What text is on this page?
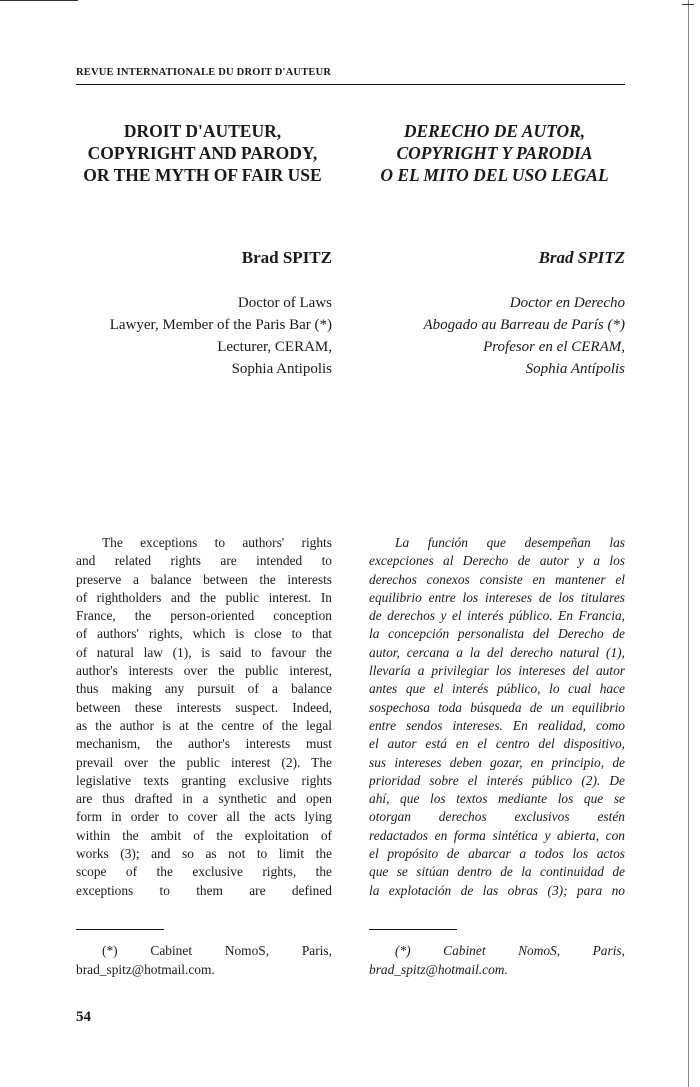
REVUE INTERNATIONALE DU DROIT D'AUTEUR
DROIT D'AUTEUR,
COPYRIGHT AND PARODY,
OR THE MYTH OF FAIR USE
DERECHO DE AUTOR,
COPYRIGHT Y PARODIA
O EL MITO DEL USO LEGAL
Brad SPITZ	Brad SPITZ
Doctor of Laws
Lawyer, Member of the Paris Bar (*)
Lecturer, CERAM,
Sophia Antipolis
Doctor en Derecho
Abogado au Barreau de París (*)
Profesor en el CERAM,
Sophia Antípolis
The exceptions to authors' rights
and related rights are intended to
preserve a balance between the interests
of rightholders and the public interest. In
France, the person-oriented conception
of authors' rights, which is close to that
of natural law (1), is said to favour the
author's interests over the public interest,
thus making any pursuit of a balance
between these interests suspect. Indeed,
as the author is at the centre of the legal
mechanism, the author's interests must
prevail over the public interest (2). The
legislative texts granting exclusive rights
are thus drafted in a synthetic and open
form in order to cover all the acts lying
within the ambit of the exploitation of
works (3); and so as not to limit the
scope of the exclusive rights, the
exceptions to them are defined
La función que desempeñan las
excepciones al Derecho de autor y a los
derechos conexos consiste en mantener el
equilibrio entre los intereses de los titulares
de derechos y el interés público. En Francia,
la concepción personalista del Derecho de
autor, cercana a la del derecho natural (1),
llevaría a privilegiar los intereses del autor
antes que el interés público, lo cual hace
sospechosa toda búsqueda de un equilibrio
entre sendos intereses. En realidad, como
el autor está en el centro del dispositivo,
sus intereses deben gozar, en principio, de
prioridad sobre el interés público (2). De
ahí, que los textos mediante los que se
otorgan derechos exclusivos estén
redactados en forma sintética y abierta, con
el propósito de abarcar a todos los actos
que se sitúan dentro de la continuidad de
la explotación de las obras (3); para no
(*) Cabinet NomoS, Paris,
brad_spitz@hotmail.com.
(*) Cabinet NomoS, Paris,
brad_spitz@hotmail.com.
54
